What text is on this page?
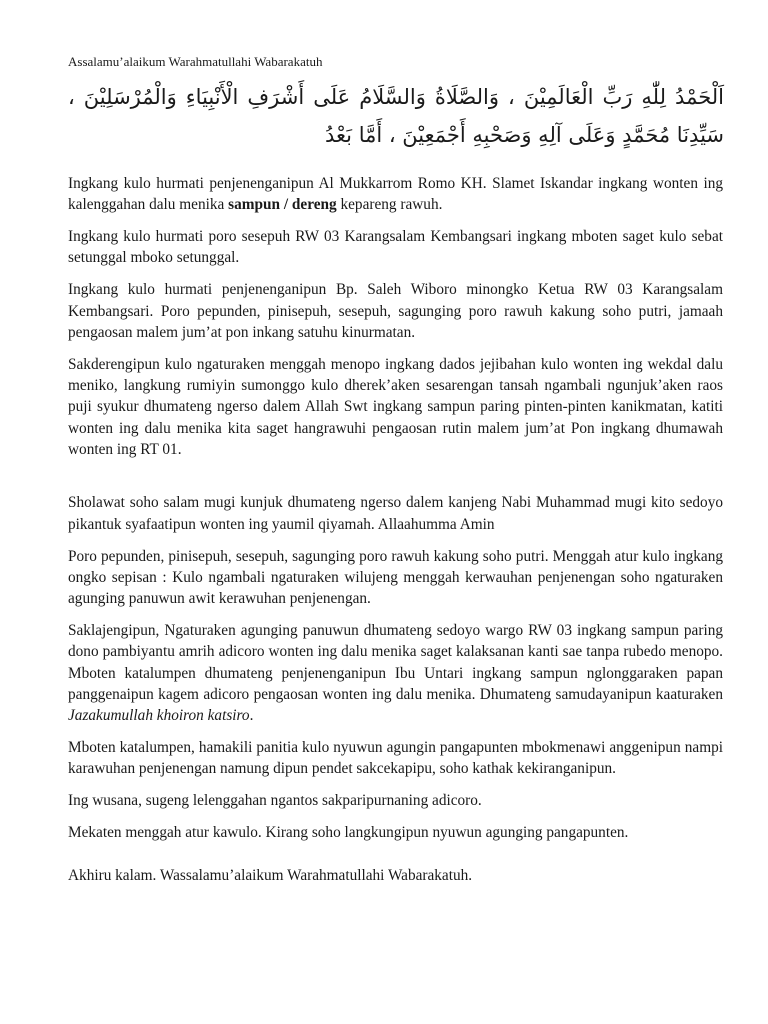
Assalamu’alaikum Warahmatullahi Wabarakatuh
اَلْحَمْدُ لِلّٰهِ رَبِّ الْعَالَمِيْنَ ، وَالصَّلَاةُ وَالسَّلَامُ عَلَى أَشْرَفِ الْأَنْبِيَاءِ وَالْمُرْسَلِيْنَ ،
سَيِّدِنَا مُحَمَّدٍ وَعَلَى آلِهِ وَصَحْبِهِ أَجْمَعِيْنَ ، أَمَّا بَعْدُ

Ingkang kulo hurmati penjenenganipun Al Mukkarrom Romo KH. Slamet Iskandar ingkang wonten ing kalenggahan dalu menika sampun / dereng kepareng rawuh.

Ingkang kulo hurmati poro sesepuh RW 03 Karangsalam Kembangsari ingkang mboten saget kulo sebat setunggal mboko setunggal.

Ingkang kulo hurmati penjenenganipun Bp. Saleh Wiboro minongko Ketua RW 03 Karangsalam Kembangsari. Poro pepunden, pinisepuh, sesepuh, sagunging poro rawuh kakung soho putri, jamaah pengaosan malem jum’at pon inkang satuhu kinurmatan.

Sakderengipun kulo ngaturaken menggah menopo ingkang dados jejibahan kulo wonten ing wekdal dalu meniko, langkung rumiyin sumonggo kulo dherek’aken sesarengan tansah ngambali ngunjuk’aken raos puji syukur dhumateng ngerso dalem Allah Swt ingkang sampun paring pinten-pinten kanikmatan, katiti wonten ing dalu menika kita saget hangrawuhi pengaosan rutin malem jum’at Pon ingkang dhumawah wonten ing RT 01.

Sholawat soho salam mugi kunjuk dhumateng ngerso dalem kanjeng Nabi Muhammad mugi kito sedoyo pikantuk syafaatipun wonten ing yaumil qiyamah. Allaahumma Amin

Poro pepunden, pinisepuh, sesepuh, sagunging poro rawuh kakung soho putri. Menggah atur kulo ingkang ongko sepisan : Kulo ngambali ngaturaken wilujeng menggah kerwauhan penjenengan soho ngaturaken agunging panuwun awit kerawuhan penjenengan.

Saklajengipun, Ngaturaken agunging panuwun dhumateng sedoyo wargo RW 03 ingkang sampun paring dono pambiyantu amrih adicoro wonten ing dalu menika saget kalaksanan kanti sae tanpa rubedo menopo. Mboten katalumpen dhumateng penjenenganipun Ibu Untari ingkang sampun nglonggaraken papan panggenaipun kagem adicoro pengaosan wonten ing dalu menika. Dhumateng samudayanipun kaaturaken Jazakumullah khoiron katsiro.

Mboten katalumpen, hamakili panitia kulo nyuwun agungin pangapunten mbokmenawi anggenipun nampi karawuhan penjenengan namung dipun pendet sakcekapipu, soho kathak kekiranganipun.

Ing wusana, sugeng lelenggahan ngantos sakparipurnaning adicoro.

Mekaten menggah atur kawulo. Kirang soho langkungipun nyuwun agunging pangapunten.

Akhiru kalam. Wassalamu’alaikum Warahmatullahi Wabarakatuh.
